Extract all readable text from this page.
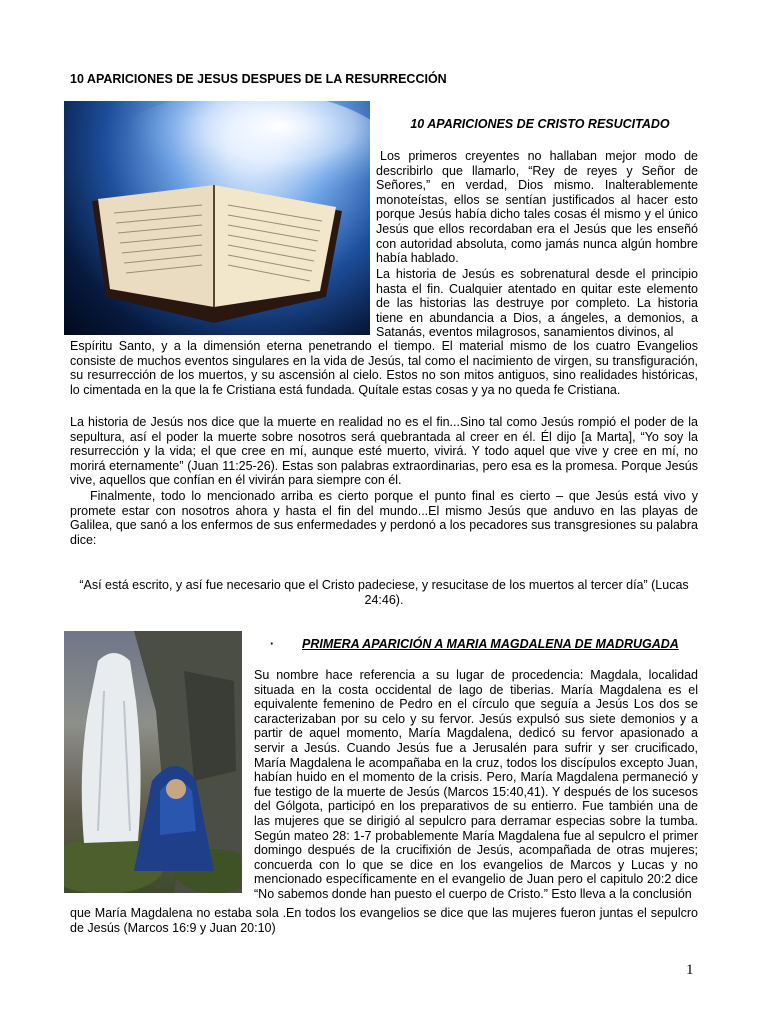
10 APARICIONES DE JESUS DESPUES DE LA RESURRECCIÓN
10 APARICIONES DE CRISTO RESUCITADO
Los primeros creyentes no hallaban mejor modo de describirlo que llamarlo, “Rey de reyes y Señor de Señores,” en verdad, Dios mismo. Inalterablemente monoteístas, ellos se sentían justificados al hacer esto porque Jesús había dicho tales cosas él mismo y el único Jesús que ellos recordaban era el Jesús que les enseñó con autoridad absoluta, como jamás nunca algún hombre había hablado.
La historia de Jesús es sobrenatural desde el principio hasta el fin. Cualquier atentado en quitar este elemento de las historias las destruye por completo. La historia tiene en abundancia a Dios, a ángeles, a demonios, a Satanás, eventos milagrosos, sanamientos divinos, al
Espíritu Santo, y a la dimensión eterna penetrando el tiempo. El material mismo de los cuatro Evangelios consiste de muchos eventos singulares en la vida de Jesús, tal como el nacimiento de virgen, su transfiguración, su resurrección de los muertos, y su ascensión al cielo. Estos no son mitos antiguos, sino realidades históricas, lo cimentada en la que la fe Cristiana está fundada. Quítale estas cosas y ya no queda fe Cristiana.
La historia de Jesús nos dice que la muerte en realidad no es el fin...Sino tal como Jesús rompió el poder de la sepultura, así el poder la muerte sobre nosotros será quebrantada al creer en él. Él dijo [a Marta], “Yo soy la resurrección y la vida; el que cree en mí, aunque esté muerto, vivirá. Y todo aquel que vive y cree en mí, no morirá eternamente” (Juan 11:25-26). Estas son palabras extraordinarias, pero esa es la promesa. Porque Jesús vive, aquellos que confían en él vivirán para siempre con él.
Finalmente, todo lo mencionado arriba es cierto porque el punto final es cierto – que Jesús está vivo y promete estar con nosotros ahora y hasta el fin del mundo...El mismo Jesús que anduvo en las playas de Galilea, que sanó a los enfermos de sus enfermedades y perdonó a los pecadores sus transgresiones su palabra dice:
“Así está escrito, y así fue necesario que el Cristo padeciese, y resucitase de los muertos al tercer día” (Lucas 24:46).
· PRIMERA APARICIÓN A MARIA MAGDALENA DE MADRUGADA
Su nombre hace referencia a su lugar de procedencia: Magdala, localidad situada en la costa occidental de lago de tiberias. María Magdalena es el equivalente femenino de Pedro en el círculo que seguía a Jesús Los dos se caracterizaban por su celo y su fervor. Jesús expulsó sus siete demonios y a partir de aquel momento, María Magdalena, dedicó su fervor apasionado a servir a Jesús. Cuando Jesús fue a Jerusalén para sufrir y ser crucificado, María Magdalena le acompañaba en la cruz, todos los discípulos excepto Juan, habían huido en el momento de la crisis. Pero, María Magdalena permaneció y fue testigo de la muerte de Jesús (Marcos 15:40,41). Y después de los sucesos del Gólgota, participó en los preparativos de su entierro. Fue también una de las mujeres que se dirigió al sepulcro para derramar especias sobre la tumba. Según mateo 28: 1-7 probablemente María Magdalena fue al sepulcro el primer domingo después de la crucifixión de Jesús, acompañada de otras mujeres; concuerda con lo que se dice en los evangelios de Marcos y Lucas y no mencionado específicamente en el evangelio de Juan pero el capitulo 20:2 dice “No sabemos donde han puesto el cuerpo de Cristo.” Esto lleva a la conclusión
que María Magdalena no estaba sola .En todos los evangelios se dice que las mujeres fueron juntas el sepulcro de Jesús (Marcos 16:9 y Juan 20:10)
1
